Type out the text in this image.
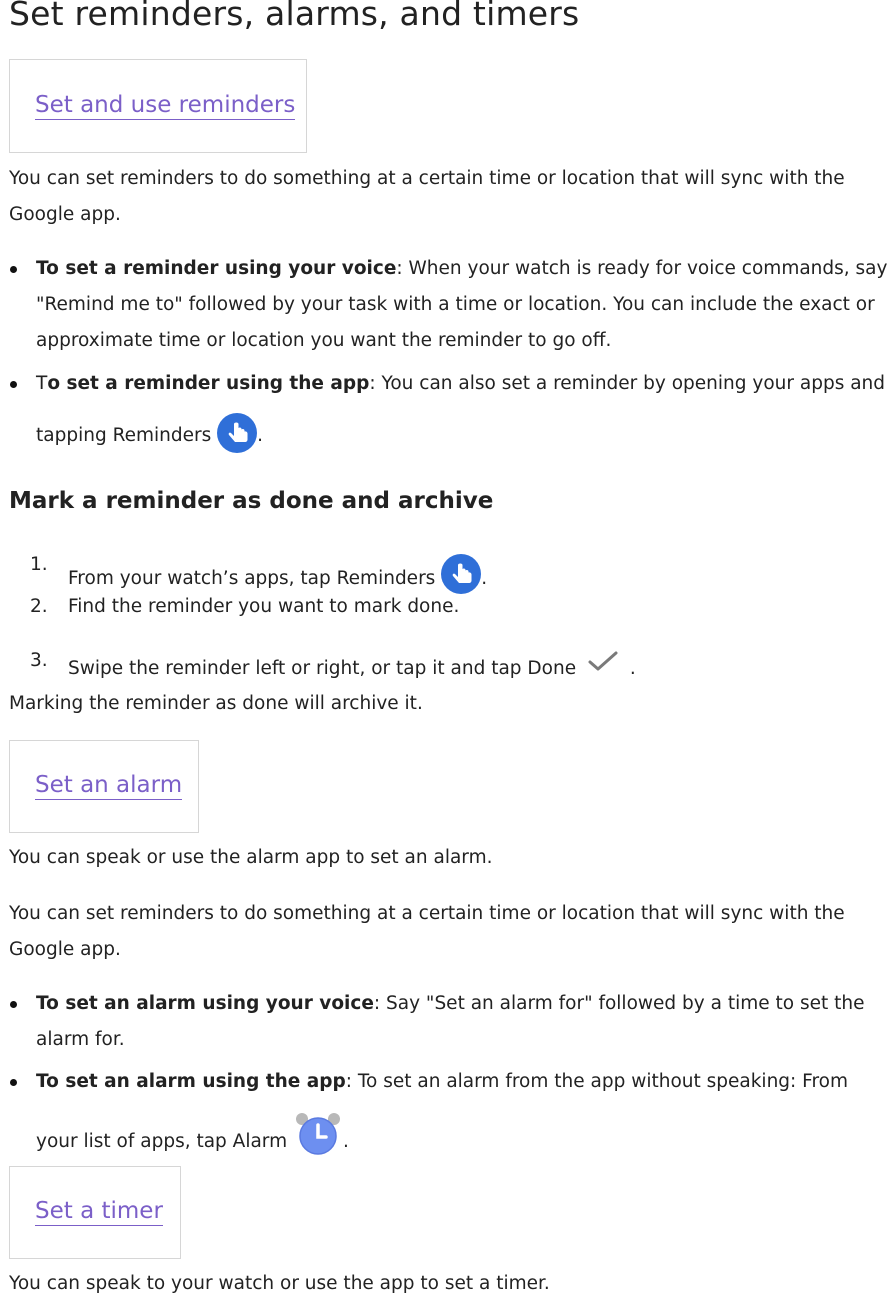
Set reminders, alarms, and timers
Set and use reminders
You can set reminders to do something at a certain time or location that will sync with the Google app.
To set a reminder using your voice: When your watch is ready for voice commands, say "Remind me to" followed by your task with a time or location. You can include the exact or approximate time or location you want the reminder to go off.
To set a reminder using the app: You can also set a reminder by opening your apps and tapping Reminders .
Mark a reminder as done and archive
1.
From your watch’s apps, tap Reminders .
2. Find the reminder you want to mark done.
3. Swipe the reminder left or right, or tap it and tap Done	.
Marking the reminder as done will archive it.
Set an alarm
You can speak or use the alarm app to set an alarm.
You can set reminders to do something at a certain time or location that will sync with the Google app.
To set an alarm using your voice: Say "Set an alarm for" followed by a time to set the alarm for.
To set an alarm using the app: To set an alarm from the app without speaking: From your list of apps, tap Alarm	.
Set a timer
You can speak to your watch or use the app to set a timer.
